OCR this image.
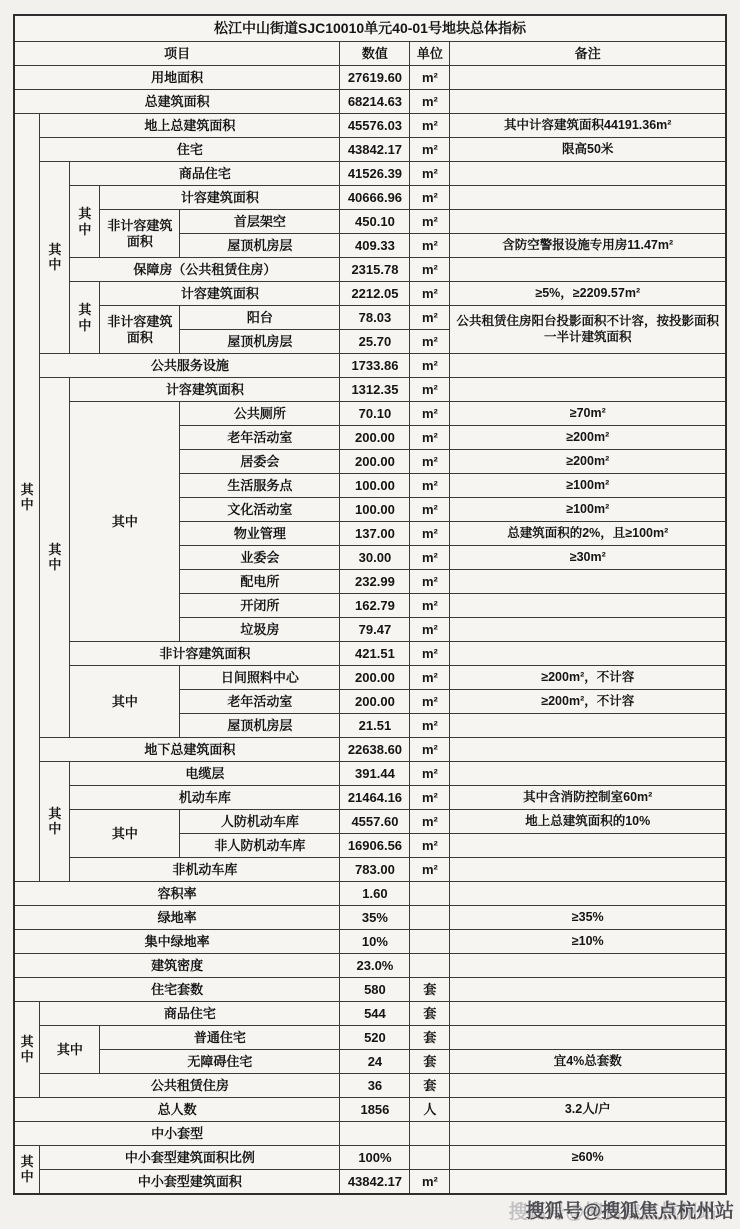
松江中山街道SJC10010单元40-01号地块总体指标							
项目					数值	单位	备注
用地面积					27619.60	m²	
总建筑面积					68214.63	m²	

其
中	地上总建筑面积				45576.03	m²	其中计容建筑面积44191.36m²
	住宅				43842.17	m²	限高50米

	其
中	商品住宅			41526.39	m²	
		其中	计容建筑面积		40666.96	m²	
			非计容建筑面积	首层架空	450.10	m²	
				屋顶机房层	409.33	m²	含防空警报设施专用房11.47m²
		保障房（公共租赁住房）			2315.78	m²	
		其中	计容建筑面积		2212.05	m²	≥5%，≥2209.57m²
			非计容建筑面积	阳台	78.03	m²	公共租赁住房阳台投影面积不计容，按投影面积一半计建筑面积
				屋顶机房层	25.70	m²	
	公共服务设施				1733.86	m²	

	其
中	计容建筑面积			1312.35	m²	
		其中		公共厕所	70.10	m²	≥70m²
				老年活动室	200.00	m²	≥200m²
				居委会	200.00	m²	≥200m²
				生活服务点	100.00	m²	≥100m²
				文化活动室	100.00	m²	≥100m²
				物业管理	137.00	m²	总建筑面积的2%，且≥100m²
				业委会	30.00	m²	≥30m²
				配电所	232.99	m²	
				开闭所	162.79	m²	
				垃圾房	79.47	m²	
		非计容建筑面积			421.51	m²	
		其中		日间照料中心	200.00	m²	≥200m²，不计容
				老年活动室	200.00	m²	≥200m²，不计容
				屋顶机房层	21.51	m²	
	地下总建筑面积				22638.60	m²	

	其
中	电缆层			391.44	m²	
		机动车库			21464.16	m²	其中含消防控制室60m²
		其中		人防机动车库	4557.60	m²	地上总建筑面积的10%
				非人防机动车库	16906.56	m²	
		非机动车库			783.00	m²	
容积率					1.60		
绿地率					35%		≥35%
集中绿地率					10%		≥10%
建筑密度					23.0%		
住宅套数					580	套	

其
中	商品住宅				544	套	
	其中		普通住宅		520	套	
			无障碍住宅		24	套	宜4%总套数
	公共租赁住房				36	套	
总人数					1856	人	3.2人/户
中小套型							

其
中	中小套型建筑面积比例				100%		≥60%
	中小套型建筑面积				43842.17	m²	
搜狐号@搜狐焦点杭州站
